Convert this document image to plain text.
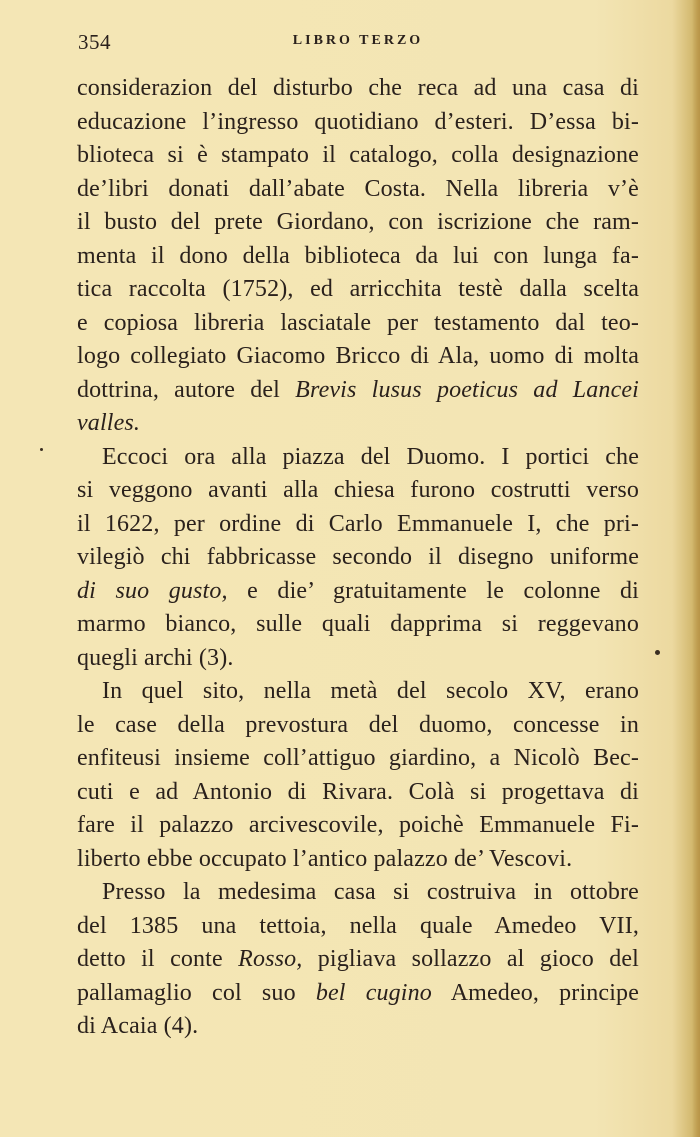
354	LIBRO TERZO
considerazion del disturbo che reca ad una casa di
educazione l’ingresso quotidiano d’esteri. D’essa bi-
blioteca si è stampato il catalogo, colla designazione
de’libri donati dall’abate Costa. Nella libreria v’è
il busto del prete Giordano, con iscrizione che ram-
menta il dono della biblioteca da lui con lunga fa-
tica raccolta (1752), ed arricchita testè dalla scelta
e copiosa libreria lasciatale per testamento dal teo-
logo collegiato Giacomo Bricco di Ala, uomo di molta
dottrina, autore del Brevis lusus poeticus ad Lancei
valles.
Eccoci ora alla piazza del Duomo. I portici che
si veggono avanti alla chiesa furono costrutti verso
il 1622, per ordine di Carlo Emmanuele I, che pri-
vilegiò chi fabbricasse secondo il disegno uniforme
di suo gusto, e die’ gratuitamente le colonne di
marmo bianco, sulle quali dapprima si reggevano
quegli archi (3).
In quel sito, nella metà del secolo XV, erano
le case della prevostura del duomo, concesse in
enfiteusi insieme coll’attiguo giardino, a Nicolò Bec-
cuti e ad Antonio di Rivara. Colà si progettava di
fare il palazzo arcivescovile, poichè Emmanuele Fi-
liberto ebbe occupato l’antico palazzo de’ Vescovi.
Presso la medesima casa si costruiva in ottobre
del 1385 una tettoia, nella quale Amedeo VII,
detto il conte Rosso, pigliava sollazzo al gioco del
pallamaglio col suo bel cugino Amedeo, principe
di Acaia (4).
